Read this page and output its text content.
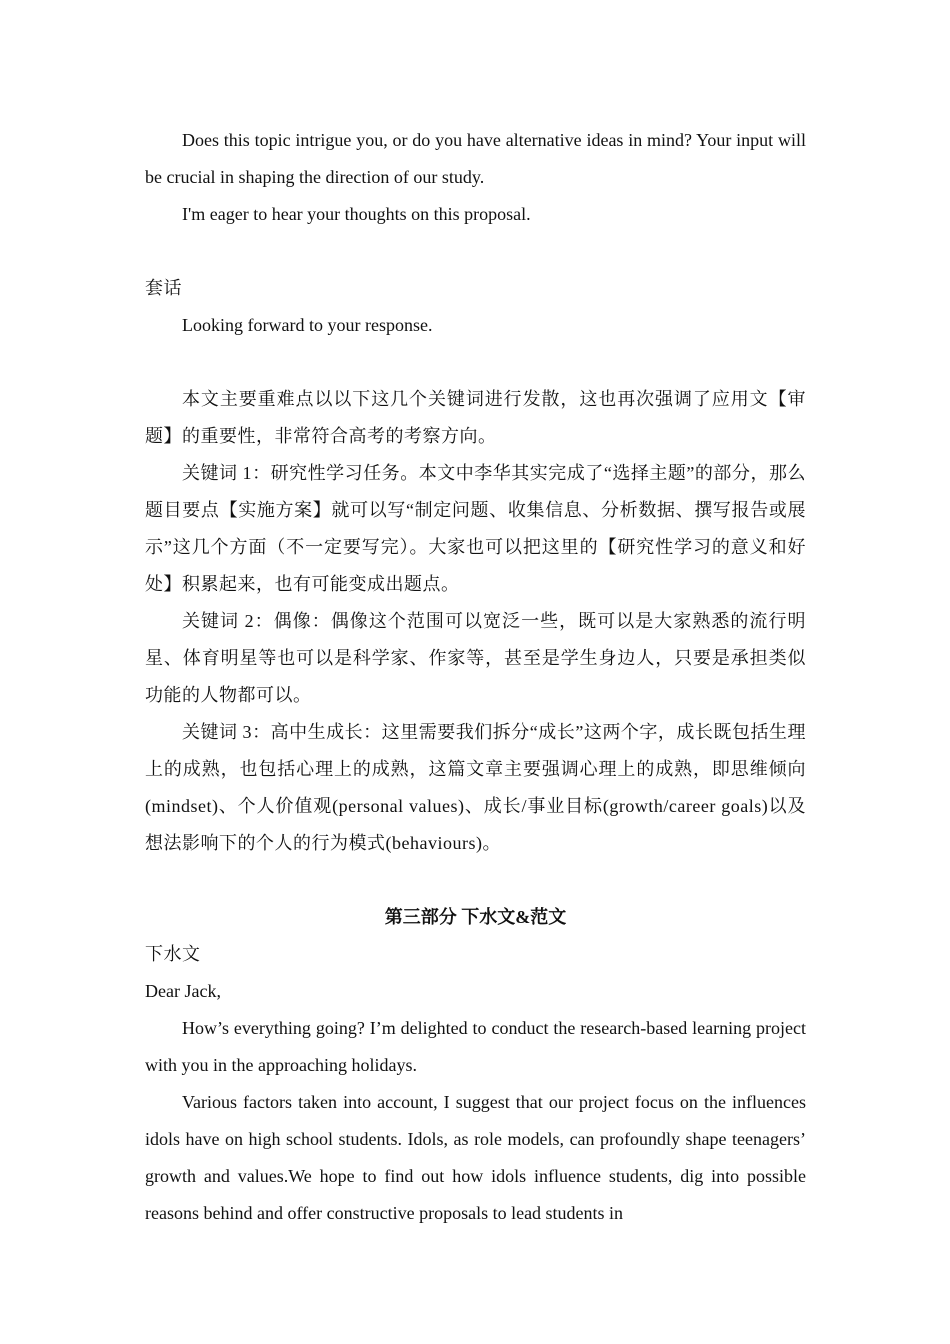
Does this topic intrigue you, or do you have alternative ideas in mind? Your input will be crucial in shaping the direction of our study.

I'm eager to hear your thoughts on this proposal.

套话

Looking forward to your response.

本文主要重难点以以下这几个关键词进行发散，这也再次强调了应用文【审题】的重要性，非常符合高考的考察方向。

关键词 1：研究性学习任务。本文中李华其实完成了“选择主题”的部分，那么题目要点【实施方案】就可以写“制定问题、收集信息、分析数据、撰写报告或展示”这几个方面（不一定要写完）。大家也可以把这里的【研究性学习的意义和好处】积累起来，也有可能变成出题点。

关键词 2：偶像：偶像这个范围可以宽泛一些，既可以是大家熟悉的流行明星、体育明星等也可以是科学家、作家等，甚至是学生身边人，只要是承担类似功能的人物都可以。

关键词 3：高中生成长：这里需要我们拆分“成长”这两个字，成长既包括生理上的成熟，也包括心理上的成熟，这篇文章主要强调心理上的成熟，即思维倾向(mindset)、个人价值观(personal values)、成长/事业目标(growth/career goals)以及想法影响下的个人的行为模式(behaviours)。

第三部分 下水文&范文

下水文

Dear Jack,

How’s everything going? I’m delighted to conduct the research-based learning project with you in the approaching holidays.

Various factors taken into account, I suggest that our project focus on the influences idols have on high school students. Idols, as role models, can profoundly shape teenagers’ growth and values.We hope to find out how idols influence students, dig into possible reasons behind and offer constructive proposals to lead students in
